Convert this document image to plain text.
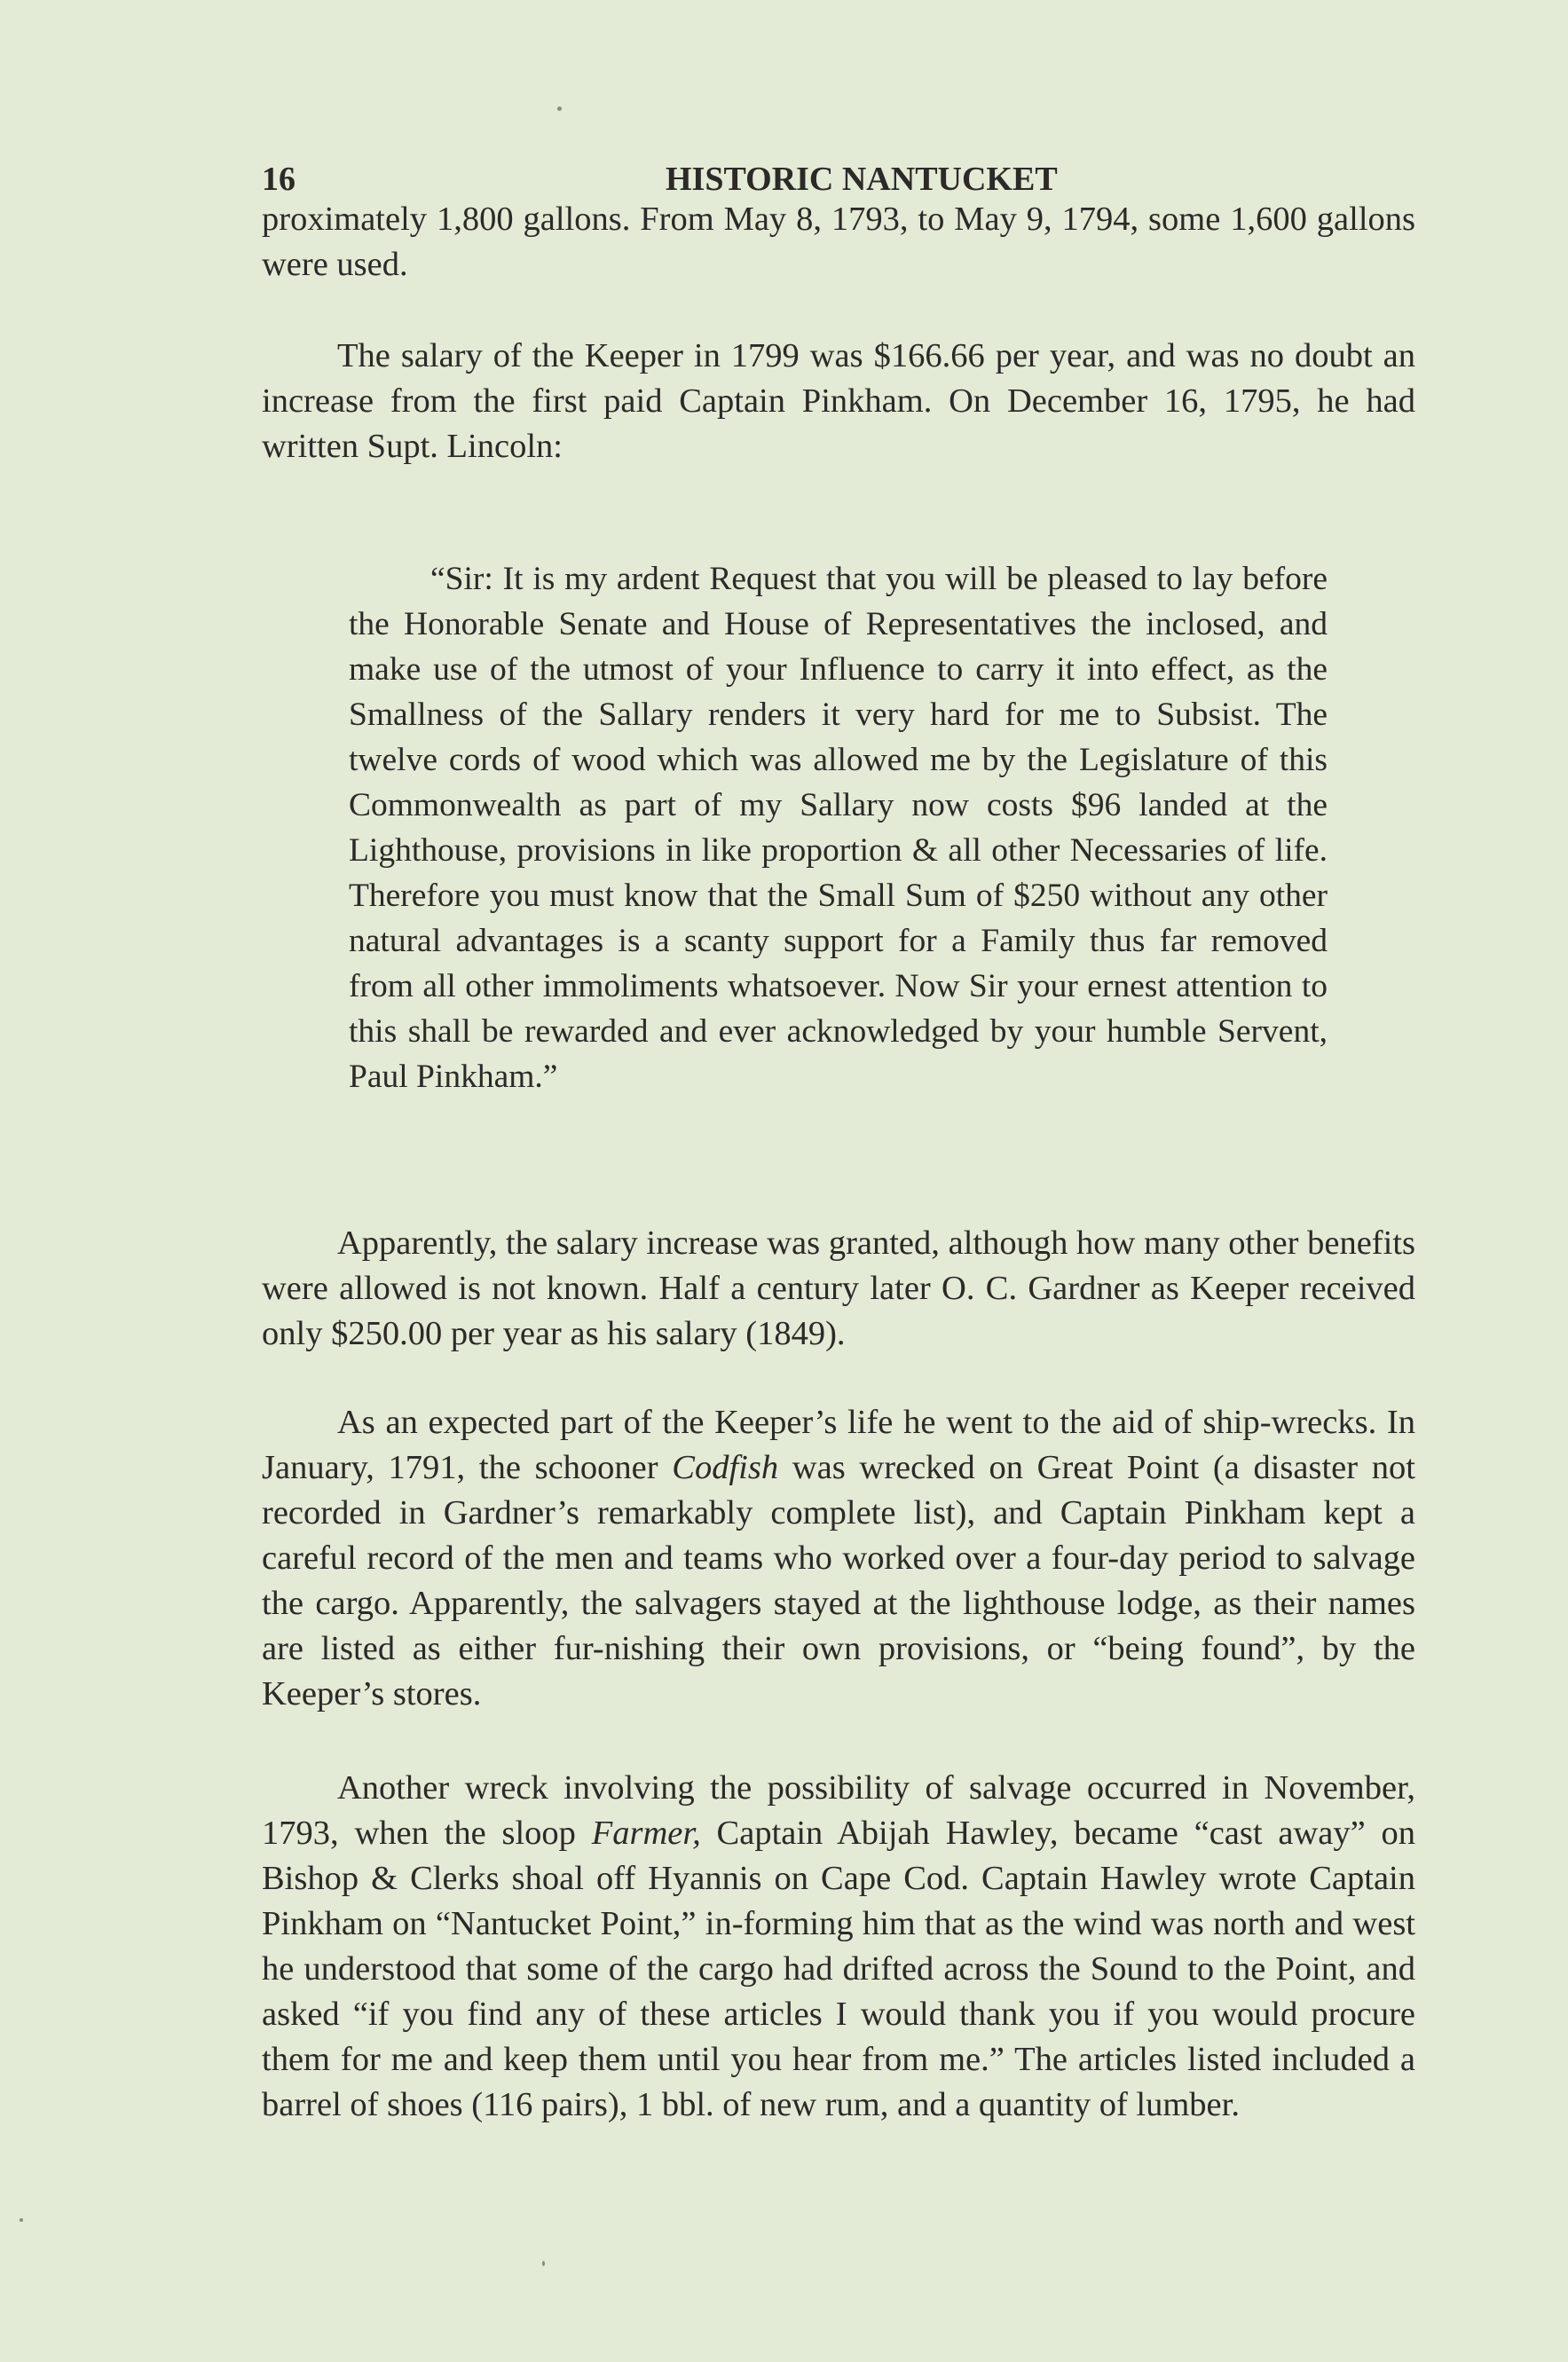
16	HISTORIC NANTUCKET

proximately 1,800 gallons. From May 8, 1793, to May 9, 1794, some 1,600 gallons were used.

The salary of the Keeper in 1799 was $166.66 per year, and was no doubt an increase from the first paid Captain Pinkham. On December 16, 1795, he had written Supt. Lincoln:

“Sir: It is my ardent Request that you will be pleased to lay before the Honorable Senate and House of Representatives the inclosed, and make use of the utmost of your Influence to carry it into effect, as the Smallness of the Sallary renders it very hard for me to Subsist. The twelve cords of wood which was allowed me by the Legislature of this Commonwealth as part of my Sallary now costs $96 landed at the Lighthouse, provisions in like proportion & all other Necessaries of life. Therefore you must know that the Small Sum of $250 without any other natural advantages is a scanty support for a Family thus far removed from all other immoliments whatsoever. Now Sir your ernest attention to this shall be rewarded and ever acknowledged by your humble Servent, Paul Pinkham.”

Apparently, the salary increase was granted, although how many other benefits were allowed is not known. Half a century later O. C. Gardner as Keeper received only $250.00 per year as his salary (1849).

As an expected part of the Keeper’s life he went to the aid of ship-wrecks. In January, 1791, the schooner Codfish was wrecked on Great Point (a disaster not recorded in Gardner’s remarkably complete list), and Captain Pinkham kept a careful record of the men and teams who worked over a four-day period to salvage the cargo. Apparently, the salvagers stayed at the lighthouse lodge, as their names are listed as either fur-nishing their own provisions, or “being found”, by the Keeper’s stores.

Another wreck involving the possibility of salvage occurred in November, 1793, when the sloop Farmer, Captain Abijah Hawley, became “cast away” on Bishop & Clerks shoal off Hyannis on Cape Cod. Captain Hawley wrote Captain Pinkham on “Nantucket Point,” in-forming him that as the wind was north and west he understood that some of the cargo had drifted across the Sound to the Point, and asked “if you find any of these articles I would thank you if you would procure them for me and keep them until you hear from me.” The articles listed included a barrel of shoes (116 pairs), 1 bbl. of new rum, and a quantity of lumber.
